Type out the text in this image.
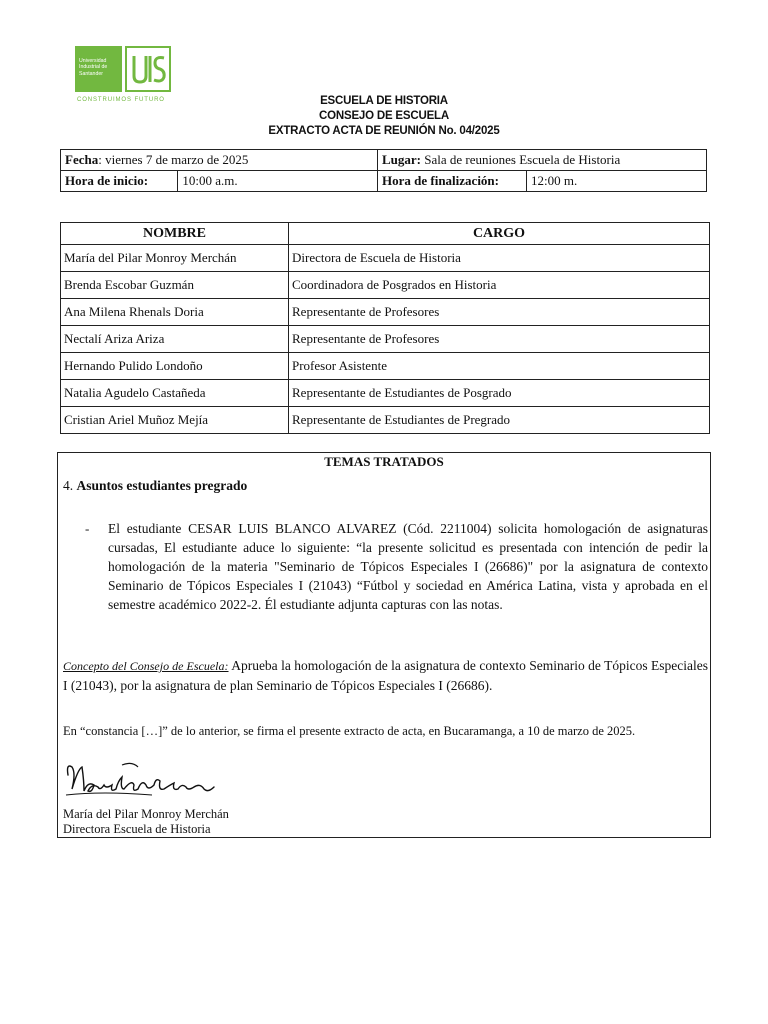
Universidad
Industrial de
Santander
CONSTRUIMOS FUTURO	ESCUELA DE HISTORIA
CONSEJO DE ESCUELA
EXTRACTO ACTA DE REUNIÓN No. 04/2025
Fecha: viernes 7 de marzo de 2025		Lugar: Sala de reuniones Escuela de Historia	
Hora de inicio:	10:00 a.m.	Hora de finalización:	12:00 m.
NOMBRE	CARGO
María del Pilar Monroy Merchán	Directora de Escuela de Historia
Brenda Escobar Guzmán	Coordinadora de Posgrados en Historia
Ana Milena Rhenals Doria	Representante de Profesores
Nectalí Ariza Ariza	Representante de Profesores
Hernando Pulido Londoño	Profesor Asistente
Natalia Agudelo Castañeda	Representante de Estudiantes de Posgrado
Cristian Ariel Muñoz Mejía	Representante de Estudiantes de Pregrado
TEMAS TRATADOS
4. Asuntos estudiantes pregrado
- El estudiante CESAR LUIS BLANCO ALVAREZ (Cód. 2211004) solicita homologación de asignaturas cursadas, El estudiante aduce lo siguiente: “la presente solicitud es presentada con intención de pedir la homologación de la materia "Seminario de Tópicos Especiales I (26686)" por la asignatura de contexto Seminario de Tópicos Especiales I (21043) “Fútbol y sociedad en América Latina, vista y aprobada en el semestre académico 2022-2. Él estudiante adjunta capturas con las notas.
Concepto del Consejo de Escuela: Aprueba la homologación de la asignatura de contexto Seminario de Tópicos Especiales I (21043), por la asignatura de plan Seminario de Tópicos Especiales I (26686).
En “constancia […]” de lo anterior, se firma el presente extracto de acta, en Bucaramanga, a 10 de marzo de 2025.
María del Pilar Monroy Merchán
Directora Escuela de Historia
